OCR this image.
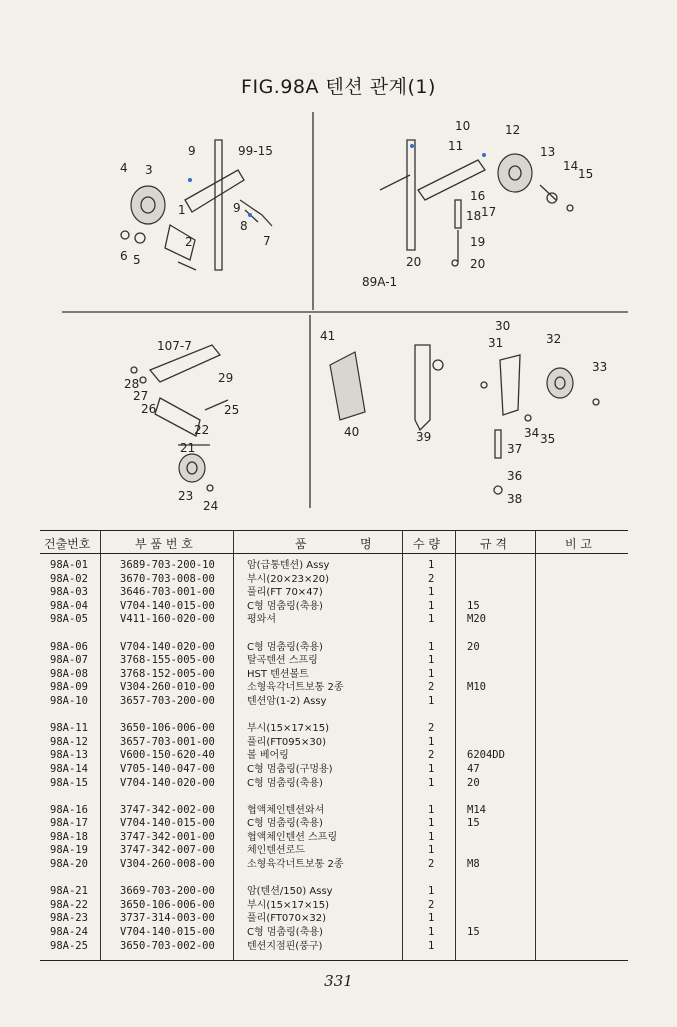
FIG.98A 텐션 관계(1)
9	99-15
4 3
1	9
8
2	7
6 5
10
11
12
13
14
15
16
17
18
19
20	20
89A-1
107-7
28
27
29
26	25
22
21
23
24
30
31	32
33
41
40	39	34 35
37
36
38
건출번호	부 품 번 호	품	명	수 량	규 격	비 고
98A-01	3689-703-200-10	암(급통텐션) Assy	1
98A-02	3670-703-008-00	부시(20×23×20)	2
98A-03	3646-703-001-00	풀리(FT 70×47)	1
98A-04	V704-140-015-00	C형 멈춤링(축용)	1	15
98A-05	V411-160-020-00	평와셔	1	M20
98A-06	V704-140-020-00	C형 멈춤링(축용)	1	20
98A-07	3768-155-005-00	탈곡텐션 스프링	1
98A-08	3768-152-005-00	HST 텐션볼트	1
98A-09	V304-260-010-00	소형육각너트보통 2종	2	M10
98A-10	3657-703-200-00	텐션암(1-2) Assy	1
98A-11	3650-106-006-00	부시(15×17×15)	2
98A-12	3657-703-001-00	풀리(FT095×30)	1
98A-13	V600-150-620-40	볼 베어링	2	6204DD
98A-14	V705-140-047-00	C형 멈춤링(구멍용)	1	47
98A-15	V704-140-020-00	C형 멈춤링(축용)	1	20
98A-16	3747-342-002-00	협액체인텐션와셔	1	M14
98A-17	V704-140-015-00	C형 멈춤링(축용)	1	15
98A-18	3747-342-001-00	협액체인텐션 스프링	1
98A-19	3747-342-007-00	체인텐션로드	1
98A-20	V304-260-008-00	소형육각너트보통 2종	2	M8
98A-21	3669-703-200-00	암(텐션/150) Assy	1
98A-22	3650-106-006-00	부시(15×17×15)	2
98A-23	3737-314-003-00	풀리(FT070×32)	1
98A-24	V704-140-015-00	C형 멈춤링(축용)	1	15
98A-25	3650-703-002-00	텐션지점핀(풍구)	1
331
